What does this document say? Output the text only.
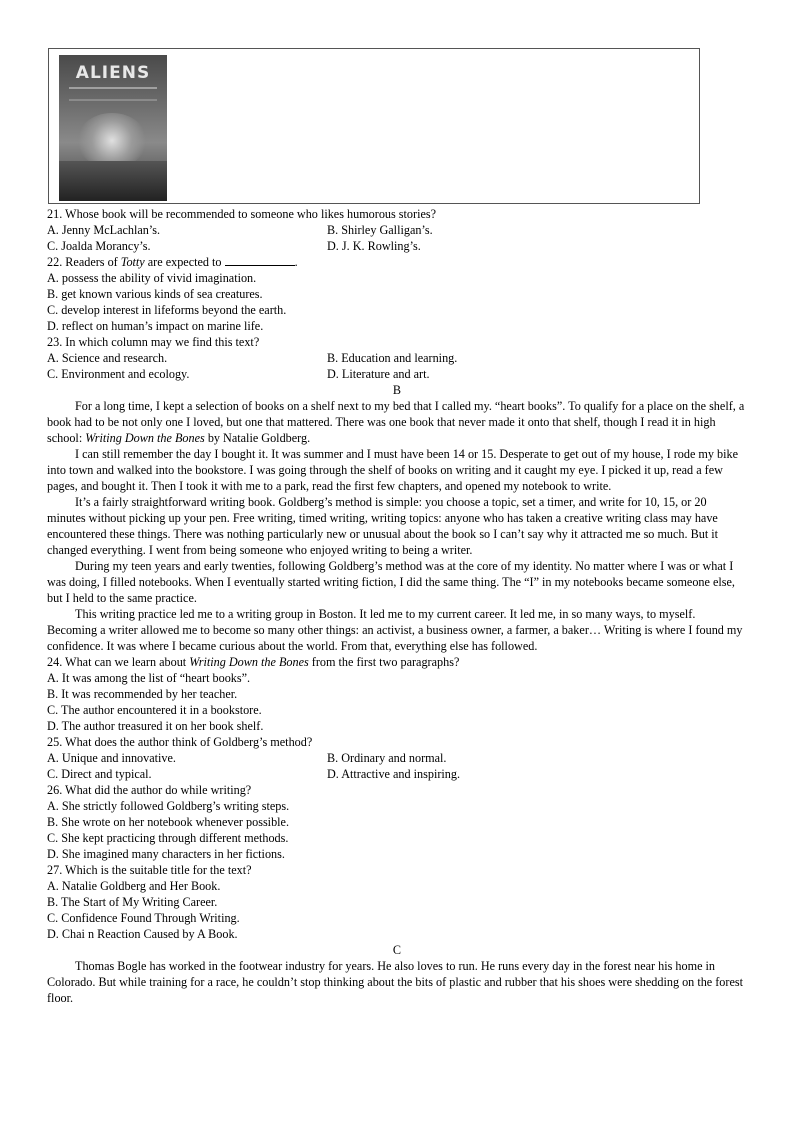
ALIENS

21. Whose book will be recommended to someone who likes humorous stories?

A. Jenny McLachlan’s.	B. Shirley Galligan’s.
C. Joalda Morancy’s.	D. J. K. Rowling’s.

22. Readers of Totty are expected to	.

A. possess the ability of vivid imagination.

B. get known various kinds of sea creatures.

C. develop interest in lifeforms beyond the earth.

D. reflect on human’s impact on marine life.

23. In which column may we find this text?

A. Science and research.	B. Education and learning.
C. Environment and ecology.	D. Literature and art.

B

For a long time, I kept a selection of books on a shelf next to my bed that I called my. “heart books”. To qualify for a place on the shelf, a book had to be not only one I loved, but one that mattered. There was one book that never made it onto that shelf, though I read it in high school: Writing Down the Bones by Natalie Goldberg.

I can still remember the day I bought it. It was summer and I must have been 14 or 15. Desperate to get out of my house, I rode my bike into town and walked into the bookstore. I was going through the shelf of books on writing and it caught my eye. I picked it up, read a few pages, and bought it. Then I took it with me to a park, read the first few chapters, and opened my notebook to write.

It’s a fairly straightforward writing book. Goldberg’s method is simple: you choose a topic, set a timer, and write for 10, 15, or 20 minutes without picking up your pen. Free writing, timed writing, writing topics: anyone who has taken a creative writing class may have encountered these things. There was nothing particularly new or unusual about the book so I can’t say why it attracted me so much. But it changed everything. I went from being someone who enjoyed writing to being a writer.

During my teen years and early twenties, following Goldberg’s method was at the core of my identity. No matter where I was or what I was doing, I filled notebooks. When I eventually started writing fiction, I did the same thing. The “I” in my notebooks became someone else, but I held to the same practice.

This writing practice led me to a writing group in Boston. It led me to my current career. It led me, in so many ways, to myself. Becoming a writer allowed me to become so many other things: an activist, a business owner, a farmer, a baker… Writing is where I found my confidence. It was where I became curious about the world. From that, everything else has followed.

24. What can we learn about Writing Down the Bones from the first two paragraphs?

A. It was among the list of “heart books”.

B. It was recommended by her teacher.

C. The author encountered it in a bookstore.

D. The author treasured it on her book shelf.

25. What does the author think of Goldberg’s method?

A. Unique and innovative.	B. Ordinary and normal.
C. Direct and typical.	D. Attractive and inspiring.

26. What did the author do while writing?

A. She strictly followed Goldberg’s writing steps.

B. She wrote on her notebook whenever possible.

C. She kept practicing through different methods.

D. She imagined many characters in her fictions.

27. Which is the suitable title for the text?

A. Natalie Goldberg and Her Book.

B. The Start of My Writing Career.

C. Confidence Found Through Writing.

D. Chai n Reaction Caused by A Book.

C

Thomas Bogle has worked in the footwear industry for years. He also loves to run. He runs every day in the forest near his home in Colorado. But while training for a race, he couldn’t stop thinking about the bits of plastic and rubber that his shoes were shedding on the forest floor.
